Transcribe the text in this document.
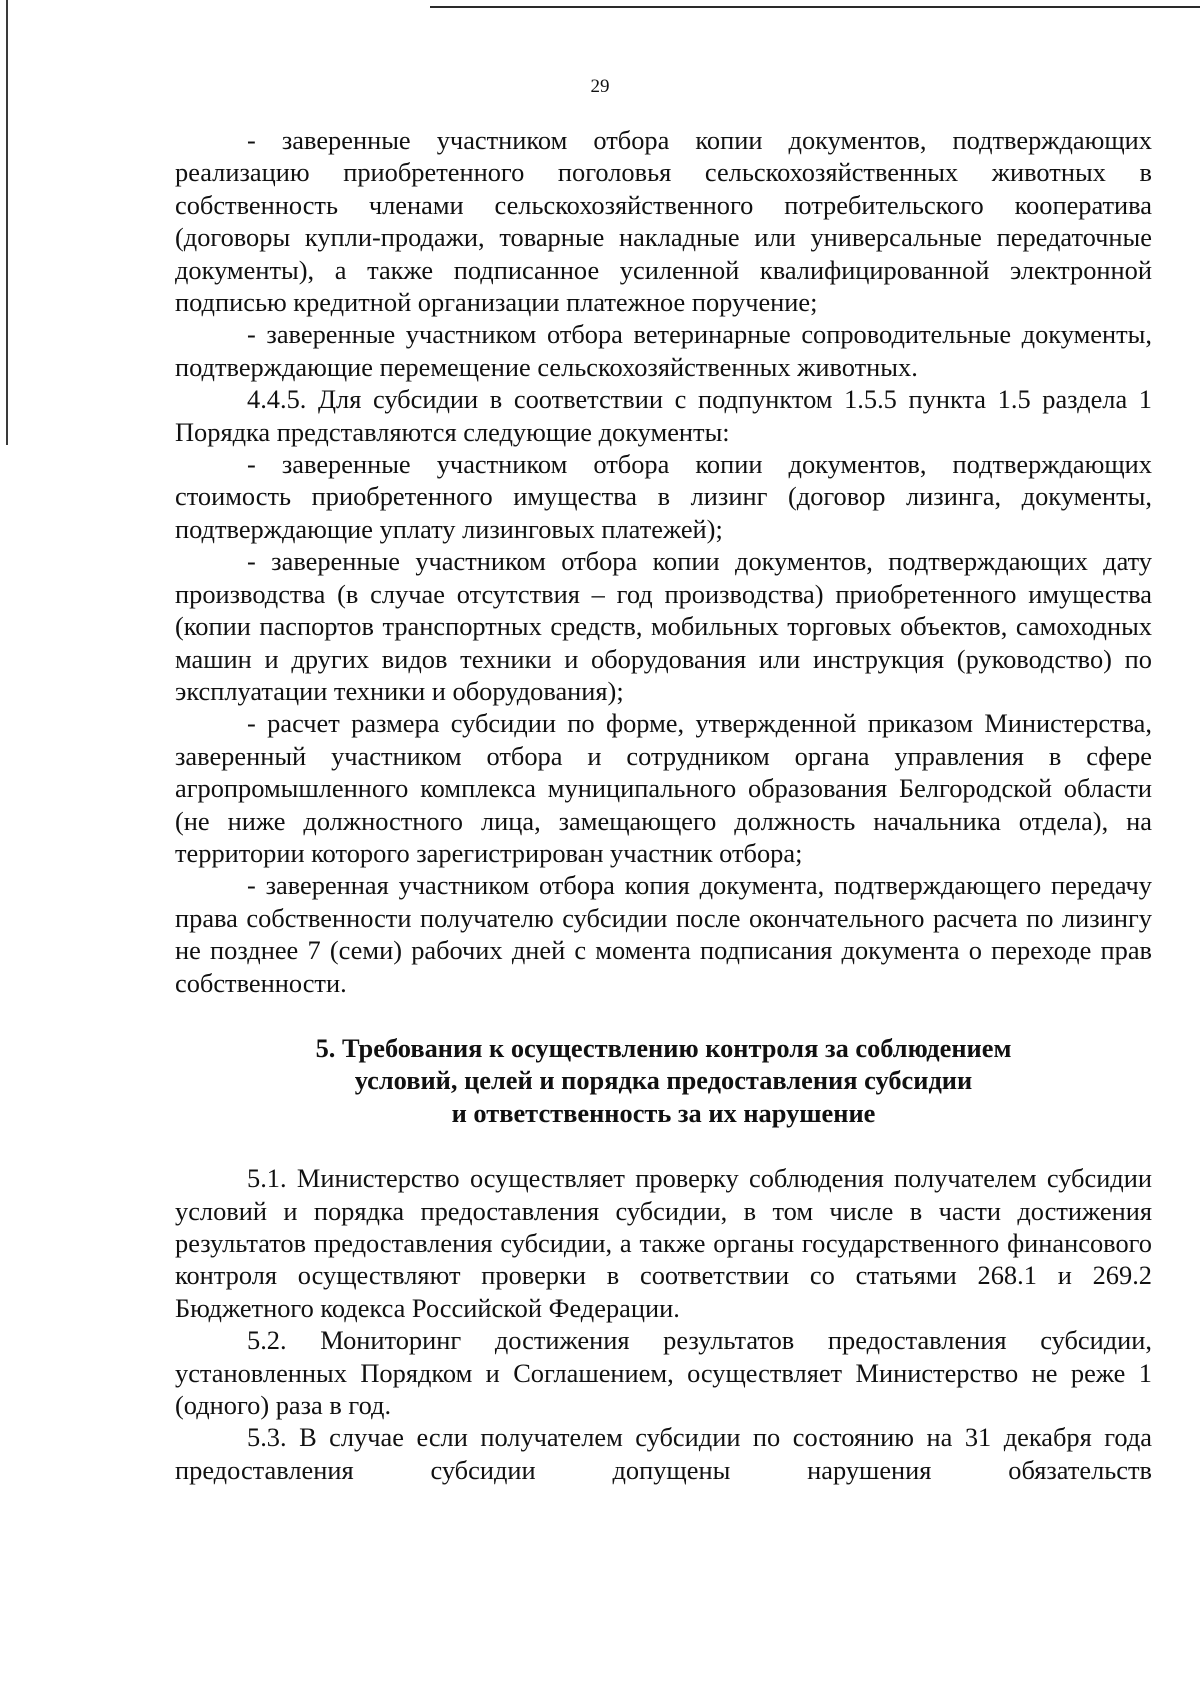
29

- заверенные участником отбора копии документов, подтверждающих реализацию приобретенного поголовья сельскохозяйственных животных в собственность членами сельскохозяйственного потребительского кооператива (договоры купли-продажи, товарные накладные или универсальные передаточные документы), а также подписанное усиленной квалифицированной электронной подписью кредитной организации платежное поручение;

- заверенные участником отбора ветеринарные сопроводительные документы, подтверждающие перемещение сельскохозяйственных животных.

4.4.5. Для субсидии в соответствии с подпунктом 1.5.5 пункта 1.5 раздела 1 Порядка представляются следующие документы:

- заверенные участником отбора копии документов, подтверждающих стоимость приобретенного имущества в лизинг (договор лизинга, документы, подтверждающие уплату лизинговых платежей);

- заверенные участником отбора копии документов, подтверждающих дату производства (в случае отсутствия – год производства) приобретенного имущества (копии паспортов транспортных средств, мобильных торговых объектов, самоходных машин и других видов техники и оборудования или инструкция (руководство) по эксплуатации техники и оборудования);

- расчет размера субсидии по форме, утвержденной приказом Министерства, заверенный участником отбора и сотрудником органа управления в сфере агропромышленного комплекса муниципального образования Белгородской области (не ниже должностного лица, замещающего должность начальника отдела), на территории которого зарегистрирован участник отбора;

- заверенная участником отбора копия документа, подтверждающего передачу права собственности получателю субсидии после окончательного расчета по лизингу не позднее 7 (семи) рабочих дней с момента подписания документа о переходе прав собственности.

5. Требования к осуществлению контроля за соблюдением
условий, целей и порядка предоставления субсидии
и ответственность за их нарушение

5.1. Министерство осуществляет проверку соблюдения получателем субсидии условий и порядка предоставления субсидии, в том числе в части достижения результатов предоставления субсидии, а также органы государственного финансового контроля осуществляют проверки в соответствии со статьями 268.1 и 269.2 Бюджетного кодекса Российской Федерации.

5.2. Мониторинг достижения результатов предоставления субсидии, установленных Порядком и Соглашением, осуществляет Министерство не реже 1 (одного) раза в год.

5.3. В случае если получателем субсидии по состоянию на 31 декабря года предоставления субсидии допущены нарушения обязательств
